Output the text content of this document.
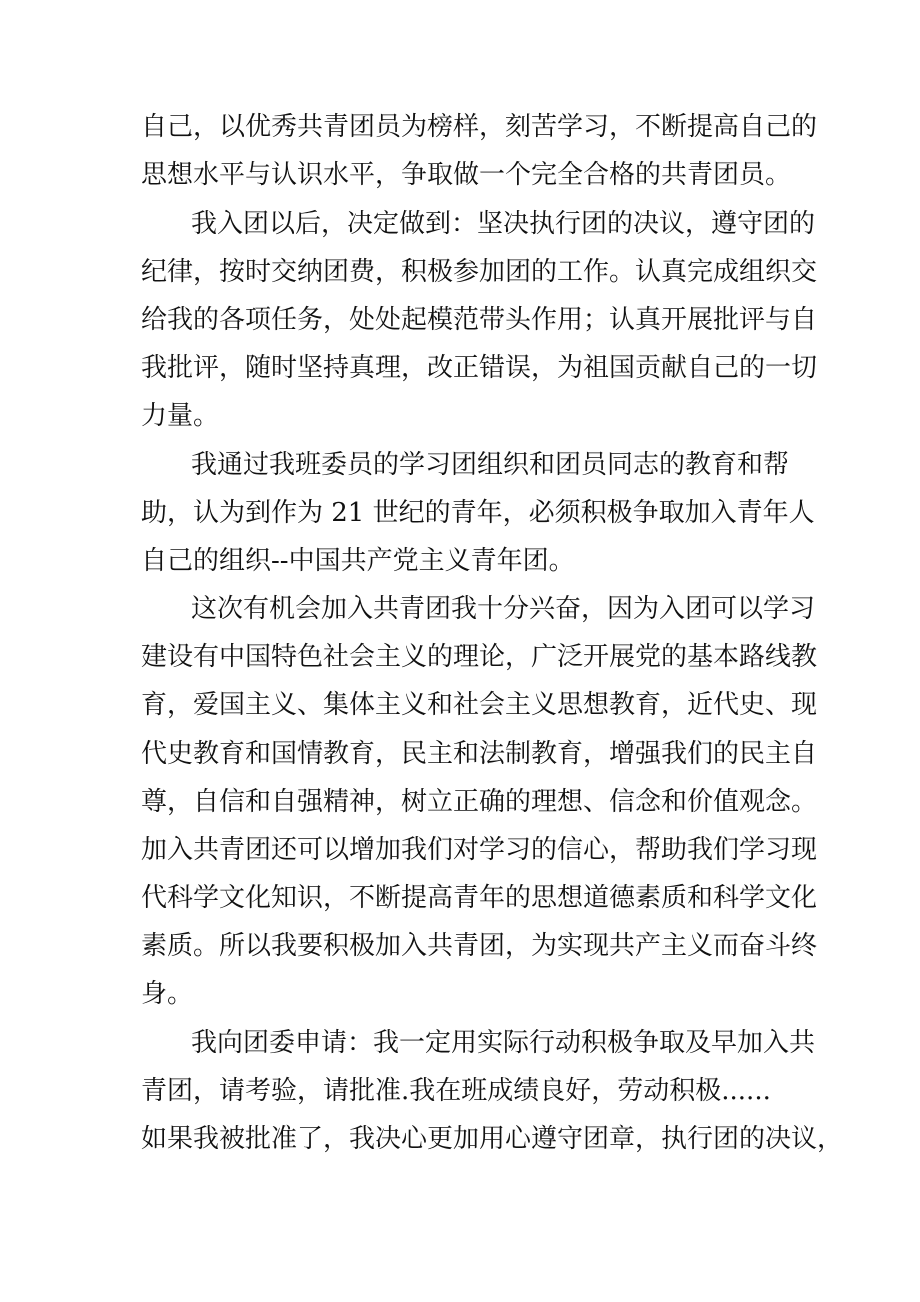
自己，以优秀共青团员为榜样，刻苦学习，不断提高自己的
思想水平与认识水平，争取做一个完全合格的共青团员。
我入团以后，决定做到：坚决执行团的决议，遵守团的
纪律，按时交纳团费，积极参加团的工作。认真完成组织交
给我的各项任务，处处起模范带头作用；认真开展批评与自
我批评，随时坚持真理，改正错误，为祖国贡献自己的一切
力量。
我通过我班委员的学习团组织和团员同志的教育和帮
助，认为到作为 21 世纪的青年，必须积极争取加入青年人
自己的组织--中国共产党主义青年团。
这次有机会加入共青团我十分兴奋，因为入团可以学习
建设有中国特色社会主义的理论，广泛开展党的基本路线教
育，爱国主义、集体主义和社会主义思想教育，近代史、现
代史教育和国情教育，民主和法制教育，增强我们的民主自
尊，自信和自强精神，树立正确的理想、信念和价值观念。
加入共青团还可以增加我们对学习的信心，帮助我们学习现
代科学文化知识，不断提高青年的思想道德素质和科学文化
素质。所以我要积极加入共青团，为实现共产主义而奋斗终
身。
我向团委申请：我一定用实际行动积极争取及早加入共
青团，请考验，请批准.我在班成绩良好，劳动积极......
如果我被批准了，我决心更加用心遵守团章，执行团的决议，
